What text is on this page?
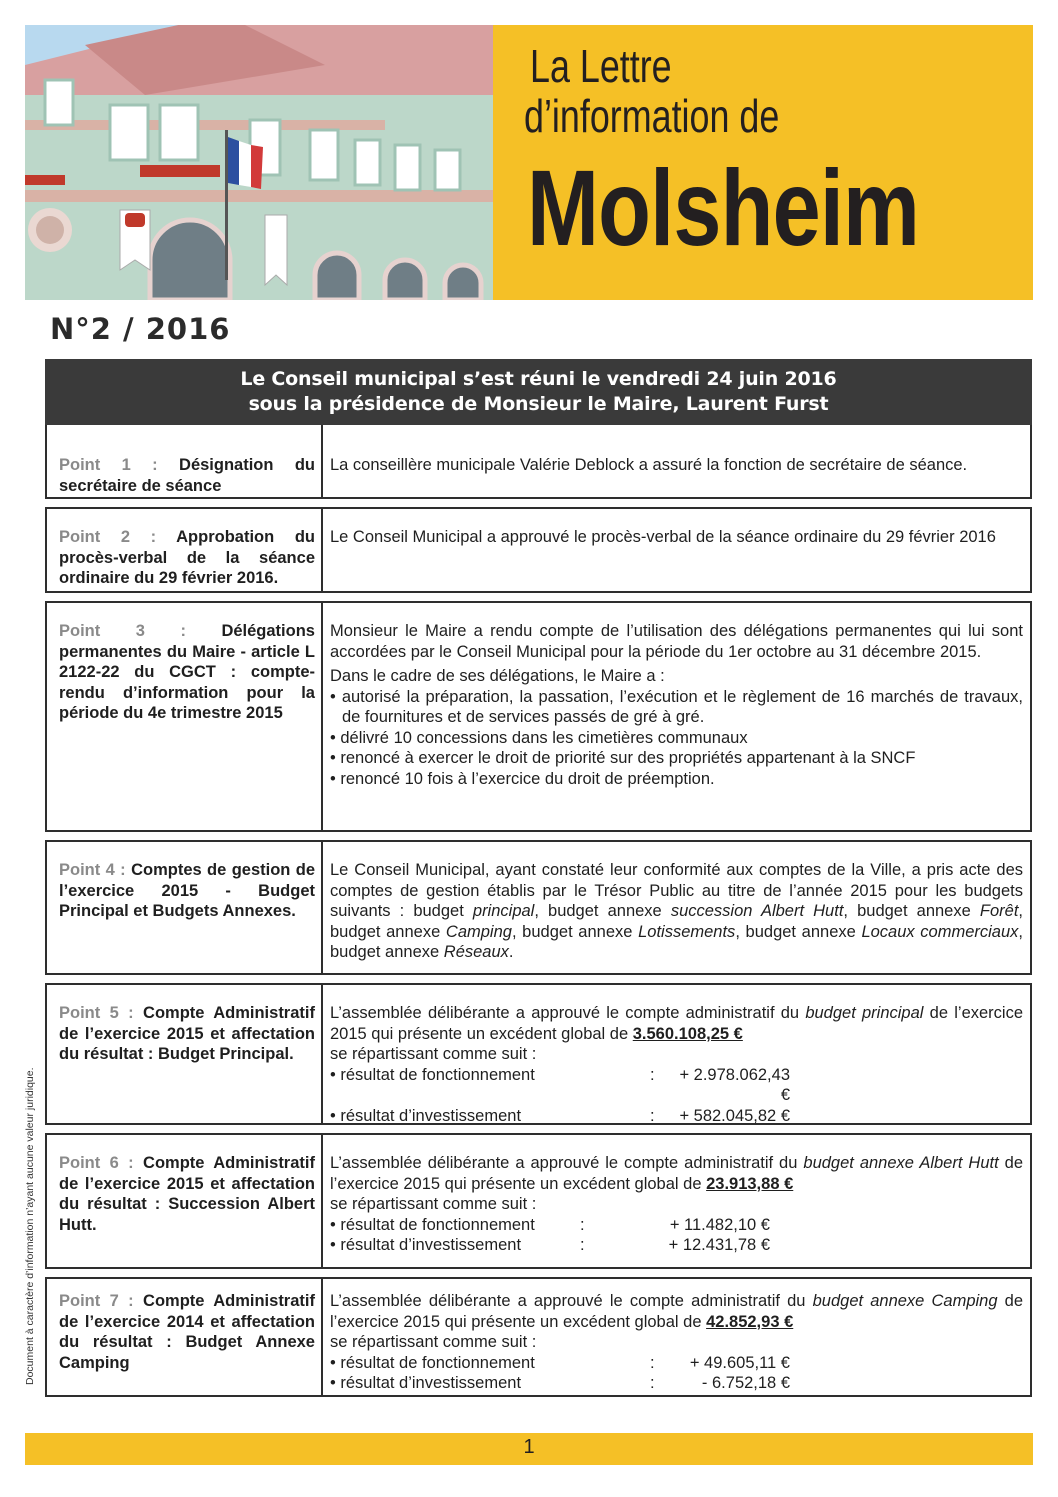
La Lettre
d’information de
Molsheim
N°2 / 2016
Le Conseil municipal s’est réuni le vendredi 24 juin 2016
sous la présidence de Monsieur le Maire, Laurent Furst
Point 1 : Désignation du secrétaire de séance

La conseillère municipale Valérie Deblock a assuré la fonction de secrétaire de séance.

Point 2 : Approbation du procès-verbal de la séance ordinaire du 29 février 2016.

Le Conseil Municipal a approuvé le procès-verbal de la séance ordinaire du 29 février 2016

Point 3 : Délégations permanentes du Maire - article L 2122-22 du CGCT : compte-rendu d’information pour la période du 4e trimestre 2015

Monsieur le Maire a rendu compte de l’utilisation des délégations permanentes qui lui sont accordées par le Conseil Municipal pour la période du 1er octobre au 31 décembre 2015.

Dans le cadre de ses délégations, le Maire a :

• autorisé la préparation, la passation, l’exécution et le règlement de 16 marchés de travaux, de fournitures et de services passés de gré à gré.
• délivré 10 concessions dans les cimetières communaux
• renoncé à exercer le droit de priorité sur des propriétés appartenant à la SNCF
• renoncé 10 fois à l’exercice du droit de préemption.
Point 4 : Comptes de gestion de l’exercice 2015 - Budget Principal et Budgets Annexes.

Le Conseil Municipal, ayant constaté leur conformité aux comptes de la Ville, a pris acte des comptes de gestion établis par le Trésor Public au titre de l’année 2015 pour les budgets suivants : budget principal, budget annexe succession Albert Hutt, budget annexe Forêt, budget annexe Camping, budget annexe Lotissements, budget annexe Locaux commerciaux, budget annexe Réseaux.

Point 5 : Compte Administratif de l’exercice 2015 et affectation du résultat : Budget Principal.

L’assemblée délibérante a approuvé le compte administratif du budget principal de l’exercice 2015 qui présente un excédent global de 3.560.108,25 €

se répartissant comme suit :

• résultat de fonctionnement	:	+ 2.978.062,43 €
• résultat d’investissement	:	+ 582.045,82 €
Point 6 : Compte Administratif de l’exercice 2015 et affectation du résultat : Succession Albert Hutt.

L’assemblée délibérante a approuvé le compte administratif du budget annexe Albert Hutt de l’exercice 2015 qui présente un excédent global de 23.913,88 €

se répartissant comme suit :

• résultat de fonctionnement	:	+ 11.482,10 €
• résultat d’investissement	:	+ 12.431,78 €
Point 7 : Compte Administratif de l’exercice 2014 et affectation du résultat : Budget Annexe Camping

L’assemblée délibérante a approuvé le compte administratif du budget annexe Camping de l’exercice 2015 qui présente un excédent global de 42.852,93 €

se répartissant comme suit :

• résultat de fonctionnement	:	+ 49.605,11 €
• résultat d’investissement	:	- 6.752,18 €
Document à caractère d’information n’ayant aucune valeur juridique.
1
